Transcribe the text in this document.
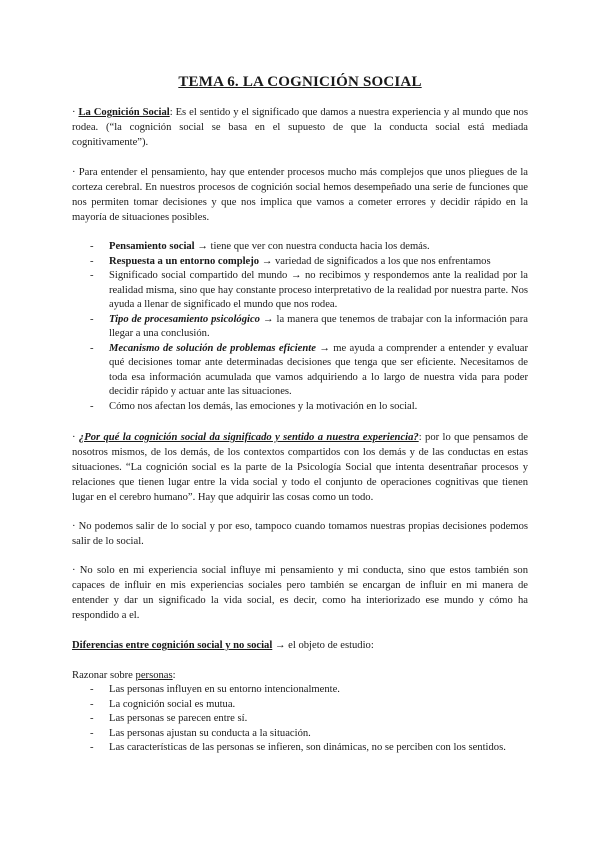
TEMA 6. LA COGNICIÓN SOCIAL

· La Cognición Social: Es el sentido y el significado que damos a nuestra experiencia y al mundo que nos rodea. (“la cognición social se basa en el supuesto de que la conducta social está mediada cognitivamente”).

· Para entender el pensamiento, hay que entender procesos mucho más complejos que unos pliegues de la corteza cerebral. En nuestros procesos de cognición social hemos desempeñado una serie de funciones que nos permiten tomar decisiones y que nos implica que vamos a cometer errores y decidir rápido en la mayoría de situaciones posibles.

- Pensamiento social → tiene que ver con nuestra conducta hacia los demás.
- Respuesta a un entorno complejo → variedad de significados a los que nos enfrentamos
- Significado social compartido del mundo → no recibimos y respondemos ante la realidad por la realidad misma, sino que hay constante proceso interpretativo de la realidad por nuestra parte. Nos ayuda a llenar de significado el mundo que nos rodea.
- Tipo de procesamiento psicológico → la manera que tenemos de trabajar con la información para llegar a una conclusión.
- Mecanismo de solución de problemas eficiente → me ayuda a comprender a entender y evaluar qué decisiones tomar ante determinadas decisiones que tenga que ser eficiente. Necesitamos de toda esa información acumulada que vamos adquiriendo a lo largo de nuestra vida para poder decidir rápido y actuar ante las situaciones.
- Cómo nos afectan los demás, las emociones y la motivación en lo social.

· ¿Por qué la cognición social da significado y sentido a nuestra experiencia?: por lo que pensamos de nosotros mismos, de los demás, de los contextos compartidos con los demás y de las conductas en estas situaciones. “La cognición social es la parte de la Psicología Social que intenta desentrañar procesos y relaciones que tienen lugar entre la vida social y todo el conjunto de operaciones cognitivas que tienen lugar en el cerebro humano”. Hay que adquirir las cosas como un todo.

· No podemos salir de lo social y por eso, tampoco cuando tomamos nuestras propias decisiones podemos salir de lo social.

· No solo en mi experiencia social influye mi pensamiento y mi conducta, sino que estos también son capaces de influir en mis experiencias sociales pero también se encargan de influir en mi manera de entender y dar un significado la vida social, es decir, como ha interiorizado ese mundo y cómo ha respondido a el.

Diferencias entre cognición social y no social → el objeto de estudio:

Razonar sobre personas:

- Las personas influyen en su entorno intencionalmente.
- La cognición social es mutua.
- Las personas se parecen entre sí.
- Las personas ajustan su conducta a la situación.
- Las características de las personas se infieren, son dinámicas, no se perciben con los sentidos.
